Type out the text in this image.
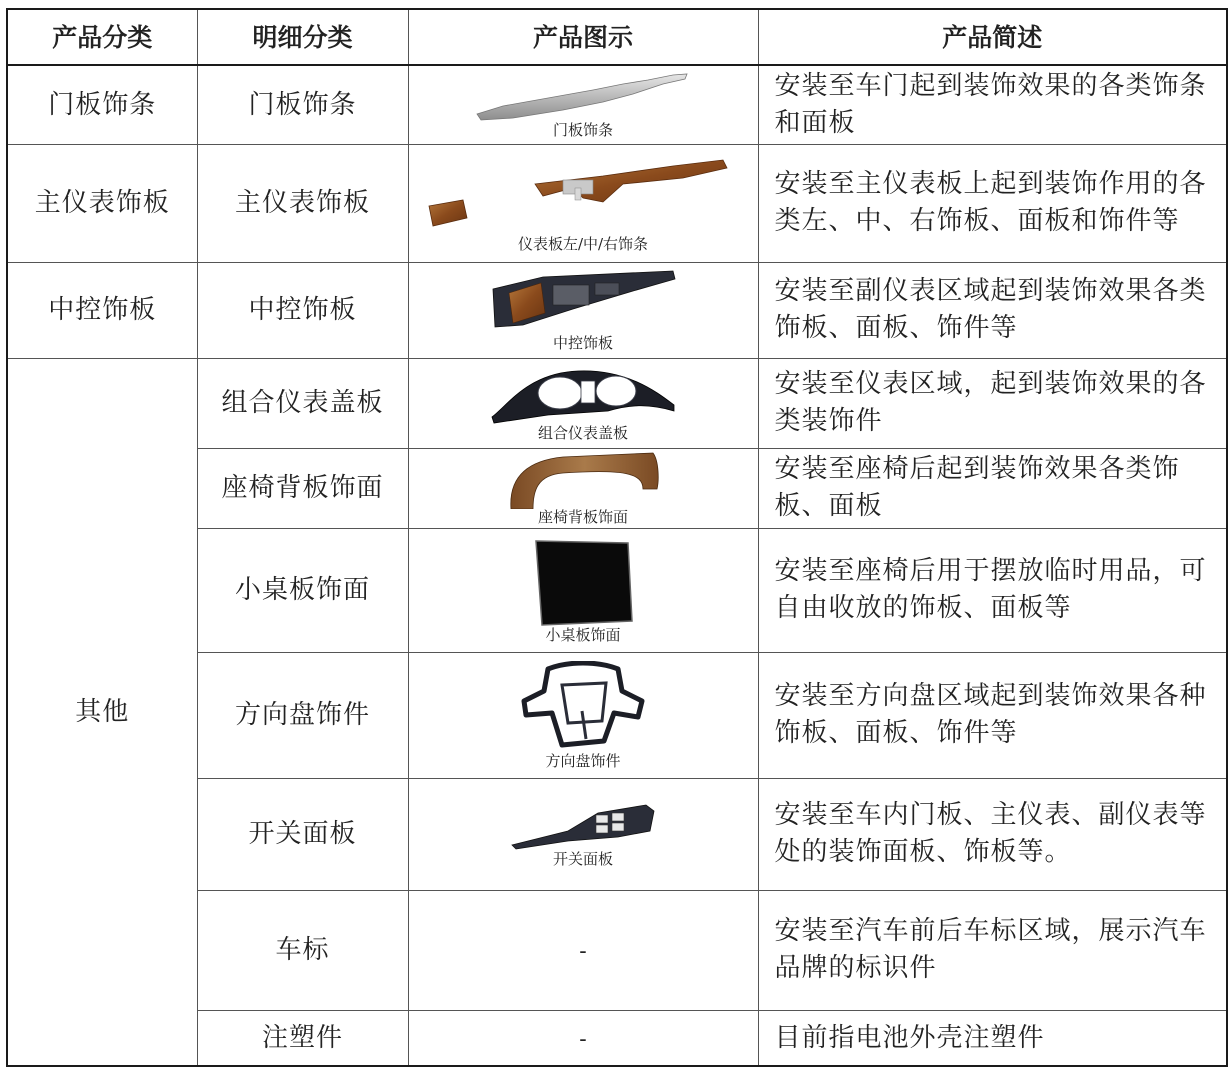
产品分类	明细分类	产品图示	产品简述
门板饰条	门板饰条	门板饰条	安装至车门起到装饰效果的各类饰条和面板
主仪表饰板	主仪表饰板	仪表板左/中/右饰条	安装至主仪表板上起到装饰作用的各类左、中、右饰板、面板和饰件等
中控饰板	中控饰板	中控饰板	安装至副仪表区域起到装饰效果各类饰板、面板、饰件等
其他	组合仪表盖板	组合仪表盖板	安装至仪表区域，起到装饰效果的各类装饰件
	座椅背板饰面	座椅背板饰面	安装至座椅后起到装饰效果各类饰板、面板
	小桌板饰面	小桌板饰面	安装至座椅后用于摆放临时用品，可自由收放的饰板、面板等
	方向盘饰件	方向盘饰件	安装至方向盘区域起到装饰效果各种饰板、面板、饰件等
	开关面板	开关面板	安装至车内门板、主仪表、副仪表等处的装饰面板、饰板等。
	车标	-	安装至汽车前后车标区域，展示汽车品牌的标识件
	注塑件	-	目前指电池外壳注塑件
